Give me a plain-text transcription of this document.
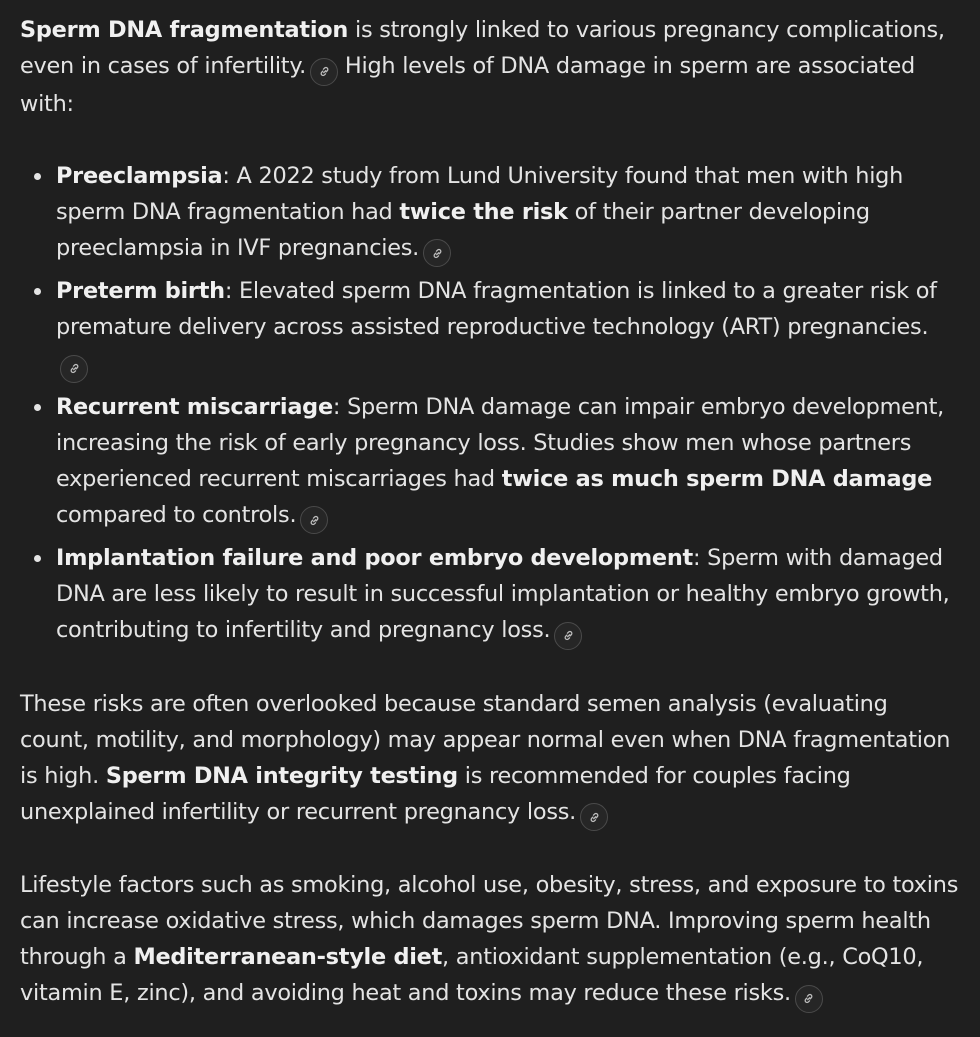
Sperm DNA fragmentation is strongly linked to various pregnancy complications, even in cases of infertility.
High levels of DNA damage in sperm are associated with:

Preeclampsia: A 2022 study from Lund University found that men with high sperm DNA fragmentation had twice the risk of their partner developing preeclampsia in IVF pregnancies.
Preterm birth: Elevated sperm DNA fragmentation is linked to a greater risk of premature delivery across assisted reproductive technology (ART) pregnancies.
Recurrent miscarriage: Sperm DNA damage can impair embryo development, increasing the risk of early pregnancy loss. Studies show men whose partners experienced recurrent miscarriages had twice as much sperm DNA damage compared to controls.
Implantation failure and poor embryo development: Sperm with damaged DNA are less likely to result in successful implantation or healthy embryo growth, contributing to infertility and pregnancy loss.

These risks are often overlooked because standard semen analysis (evaluating count, motility, and morphology) may appear normal even when DNA fragmentation is high. Sperm DNA integrity testing is recommended for couples facing unexplained infertility or recurrent pregnancy loss.

Lifestyle factors such as smoking, alcohol use, obesity, stress, and exposure to toxins can increase oxidative stress, which damages sperm DNA. Improving sperm health through a Mediterranean-style diet, antioxidant supplementation (e.g., CoQ10, vitamin E, zinc), and avoiding heat and toxins may reduce these risks.
